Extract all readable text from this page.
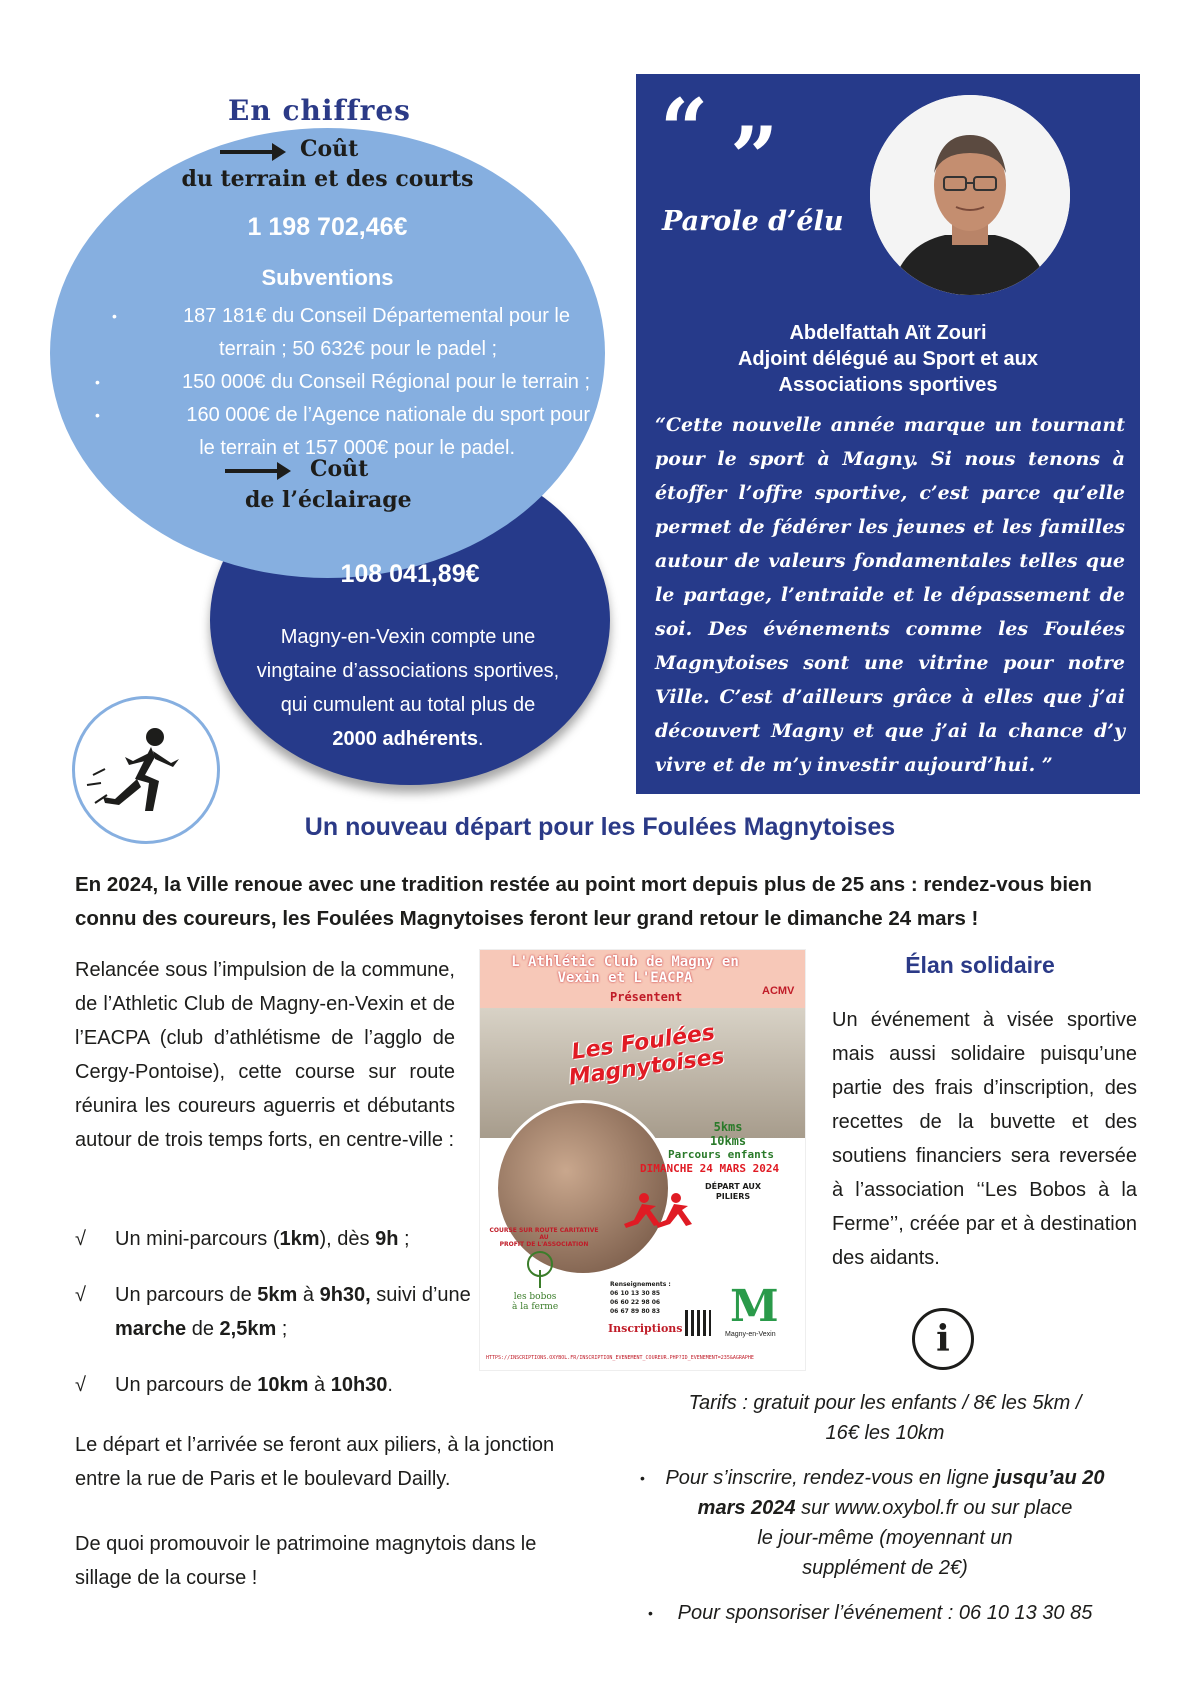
En chiffres
Coût
du terrain et des courts
1 198 702,46€
Subventions
•	187 181€ du Conseil Départemental pour le
terrain ; 50 632€ pour le padel ;
•	150 000€ du Conseil Régional pour le terrain ;
•	160 000€ de l’Agence nationale du sport pour
le terrain et 157 000€ pour le padel.
Coût
de l’éclairage
108 041,89€
Magny-en-Vexin compte une
vingtaine d’associations sportives,
qui cumulent au total plus de
2000 adhérents.
“ ”
Parole d’élu
Abdelfattah Aït Zouri
Adjoint délégué au Sport et aux
Associations sportives
“Cette nouvelle année marque un tournant pour le sport à Magny. Si nous tenons à étoffer l’offre sportive, c’est parce qu’elle permet de fédérer les jeunes et les familles autour de valeurs fondamentales telles que le partage, l’entraide et le dépassement de soi. Des événements comme les Foulées Magnytoises sont une vitrine pour notre Ville. C’est d’ailleurs grâce à elles que j’ai découvert Magny et que j’ai la chance d’y vivre et de m’y investir aujourd’hui. ”
Un nouveau départ pour les Foulées Magnytoises
En 2024, la Ville renoue avec une tradition restée au point mort depuis plus de 25 ans : rendez-vous bien connu des coureurs, les Foulées Magnytoises feront leur grand retour le dimanche 24 mars !
Relancée sous l’impulsion de la commune, de l’Athletic Club de Magny-en-Vexin et de l’EACPA (club d’athlétisme de l’agglo de Cergy-Pontoise), cette course sur route réunira les coureurs aguerris et débutants autour de trois temps forts, en centre-ville :
√ Un mini-parcours (1km), dès 9h ;
√ Un parcours de 5km à 9h30, suivi d’une marche de 2,5km ;
√ Un parcours de 10km à 10h30.
Le départ et l’arrivée se feront aux piliers, à la jonction entre la rue de Paris et le boulevard Dailly.
De quoi promouvoir le patrimoine magnytois dans le sillage de la course !
L'Athlétic Club de Magny en
Vexin et L'EACPA
Présentent	ACMV
Les Foulées Magnytoises
5kms
10kms
Parcours enfants
DIMANCHE 24 MARS 2024
DÉPART AUX
PILIERS
COURSE SUR ROUTE CARITATIVE AU
PROFIT DE L'ASSOCIATION
les bobos
à la ferme
Renseignements :
06 10 13 30 85
06 60 22 98 06
06 67 89 80 83
Inscriptions M
Magny-en-Vexin
HTTPS://INSCRIPTIONS.OXYBOL.FR/INSCRIPTION_EVENEMENT_COUREUR.PHP?ID_EVENEMENT=235&AGRAPHE
Élan solidaire
Un événement à visée sportive mais aussi solidaire puisqu’une partie des frais d’inscription, des recettes de la buvette et des soutiens financiers sera reversée à l’association ‘‘Les Bobos à la Ferme’’, créée par et à destination des aidants.
i
Tarifs : gratuit pour les enfants / 8€ les 5km /
16€ les 10km
•	Pour s’inscrire, rendez-vous en ligne jusqu’au 20
mars 2024 sur www.oxybol.fr ou sur place
le jour-même (moyennant un
supplément de 2€)
•	Pour sponsoriser l’événement : 06 10 13 30 85
